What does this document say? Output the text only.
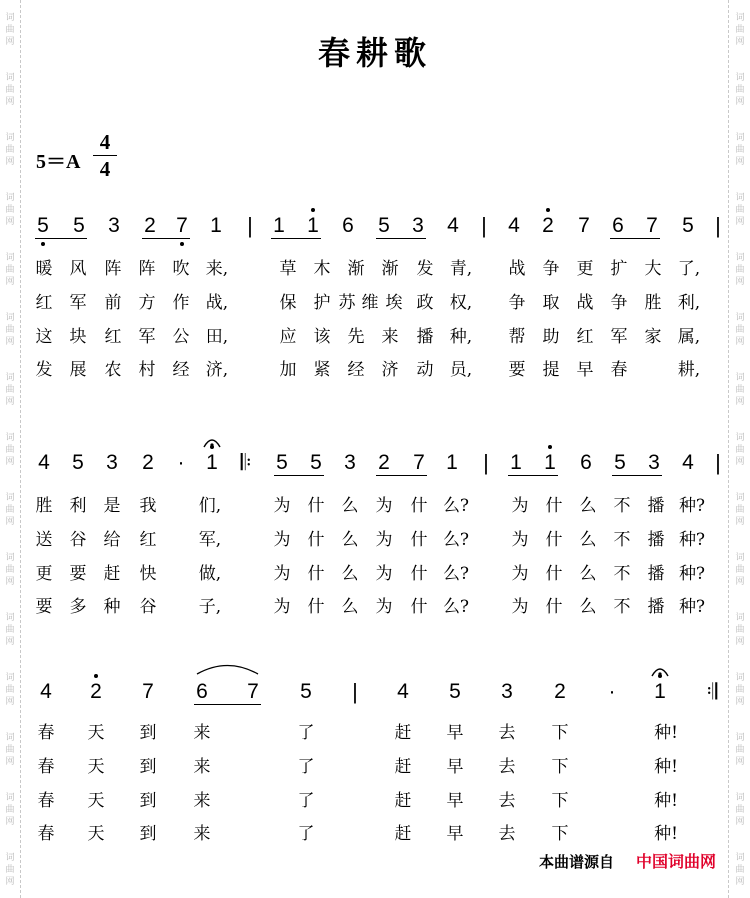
词
曲
网
词
曲
网
词
曲
网
词
曲
网
词
曲
网
词
曲
网
词
曲
网
词
曲
网
词
曲
网
词
曲
网
词
曲
网
词
曲
网
词
曲
网
词
曲
网
词
曲
网
词
曲
网
词
曲
网
词
曲
网
词
曲
网
词
曲
网
词
曲
网
词
曲
网
词
曲
网
词
曲
网
词
曲
网
词
曲
网
词
曲
网
词
曲
网
词
曲
网
词
曲
网
春耕歌
5＝A
4
4
5 5 3 2 7 1 | 1 1 6 5 3 4 | 4 2 7 6 7 5 |
暖 风 阵 阵 吹 来,	草 木 渐 渐 发 青, 战 争 更 扩 大 了,
红 军 前 方 作 战,	保 护 苏 维 埃 政 权, 争 取 战 争 胜 利,
这 块 红 军 公 田,	应 该 先 来 播 种, 帮 助 红 军 家 属,
发 展 农 村 经 济,	加 紧 经 济 动 员, 要 提 早 春	耕,
4 5 3 2 · 1 𝄆 5 5 3 2 7 1 | 1 1 6 5 3 4 |
胜 利 是 我 们,	为 什 么 为 什 么? 为 什 么 不 播 种?
送 谷 给 红 军,	为 什 么 为 什 么? 为 什 么 不 播 种?
更 要 赶 快 做,	为 什 么 为 什 么? 为 什 么 不 播 种?
要 多 种 谷 子,	为 什 么 为 什 么? 为 什 么 不 播 种?
4 2 7 6 7 5 | 4 5 3 2 · 1 𝄇
春 天 到 来	了	赶 早 去 下	种!
春 天 到 来	了	赶 早 去 下	种!
春 天 到 来	了	赶 早 去 下	种!
春 天 到 来	了	赶 早 去 下	种!
本曲谱源自 中国词曲网
